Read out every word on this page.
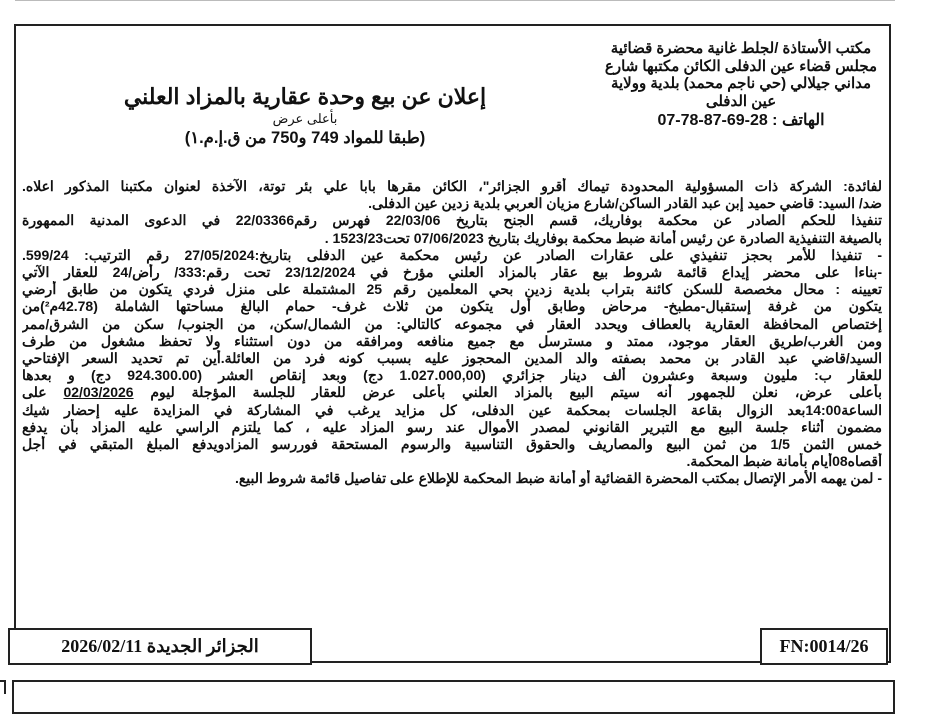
مكتب الأستاذة /لجلط غانية محضرة قضائية
مجلس قضاء عين الدفلى الكائن مكتبها شارع
مداني جيلالي (حي ناجم محمد) بلدية وولاية
عين الدفلى
الهاتف : 28-69-87-78-07
إعلان عن بيع وحدة عقارية بالمزاد العلني
بأعلى عرض
(طبقا للمواد 749 و750 من ق.إ.م.١)
لفائدة: الشركة ذات المسؤولية المحدودة تيماك أقرو الجزائر"، الكائن مقرها بابا علي بئر توتة، الآخذة لعنوان مكتبنا المذكور اعلاه.
ضد/ السيد: قاضي حميد إبن عبد القادر الساكن/شارع مزيان العربي بلدية زدين عين الدفلى.
تنفيذا للحكم الصادر عن محكمة بوفاريك، قسم الجنح بتاريخ 22/03/06 فهرس رقم22/03366 في الدعوى المدنية الممهورة
بالصيغة التنفيذية الصادرة عن رئيس أمانة ضبط محكمة بوفاريك بتاريخ 07/06/2023 تحت1523/23 .
- تنفيذا للأمر بحجز تنفيذي على عقارات الصادر عن رئيس محكمة عين الدفلى بتاريخ:27/05/2024 رقم الترتيب: 599/24.
-بناءا على محضر إيداع قائمة شروط بيع عقار بالمزاد العلني مؤرخ في 23/12/2024 تحت رقم:333/ رأض/24 للعقار الآتي
تعيينه : محال مخصصة للسكن كائنة بتراب بلدية زدين بحي المعلمين رقم 25 المشتملة على منزل فردي يتكون من طابق أرضي
يتكون من غرفة إستقبال-مطبخ- مرحاض وطابق أول يتكون من ثلاث غرف- حمام البالغ مساحتها الشاملة (42.78م²)من
إختصاص المحافظة العقارية بالعطاف ويحدد العقار في مجموعه كالتالي: من الشمال/سكن، من الجنوب/ سكن من الشرق/ممر
ومن الغرب/طريق العقار موجود، ممتد و مسترسل مع جميع منافعه ومرافقه من دون استثناء ولا تحفظ مشغول من طرف
السيد/قاضي عبد القادر بن محمد بصفته والد المدين المحجوز عليه بسبب كونه فرد من العائلة.أين تم تحديد السعر الإفتاحي
للعقار ب: مليون وسبعة وعشرون ألف دينار جزائري (1.027.000,00 دج) وبعد إنقاص العشر (924.300.00 دج) و بعدها
بأعلى عرض، نعلن للجمهور أنه سيتم البيع بالمزاد العلني بأعلى عرض للعقار للجلسة المؤجلة ليوم 02/03/2026 على
الساعة14:00بعد الزوال بقاعة الجلسات بمحكمة عين الدفلى، كل مزايد يرغب في المشاركة في المزايدة عليه إحضار شيك
مضمون أثناء جلسة البيع مع التبرير القانوني لمصدر الأموال عند رسو المزاد عليه ، كما يلتزم الراسي عليه المزاد بأن يدفع
خمس الثمن 1/5 من ثمن البيع والمصاريف والحقوق التناسبية والرسوم المستحقة فوررسو المزادويدفع المبلغ المتبقي في أجل
أقصاه08أيام بأمانة ضبط المحكمة.
- لمن يهمه الأمر الإتصال بمكتب المحضرة القضائية أو أمانة ضبط المحكمة للإطلاع على تفاصيل قائمة شروط البيع.
الجزائر الجديدة 2026/02/11	FN:0014/26
